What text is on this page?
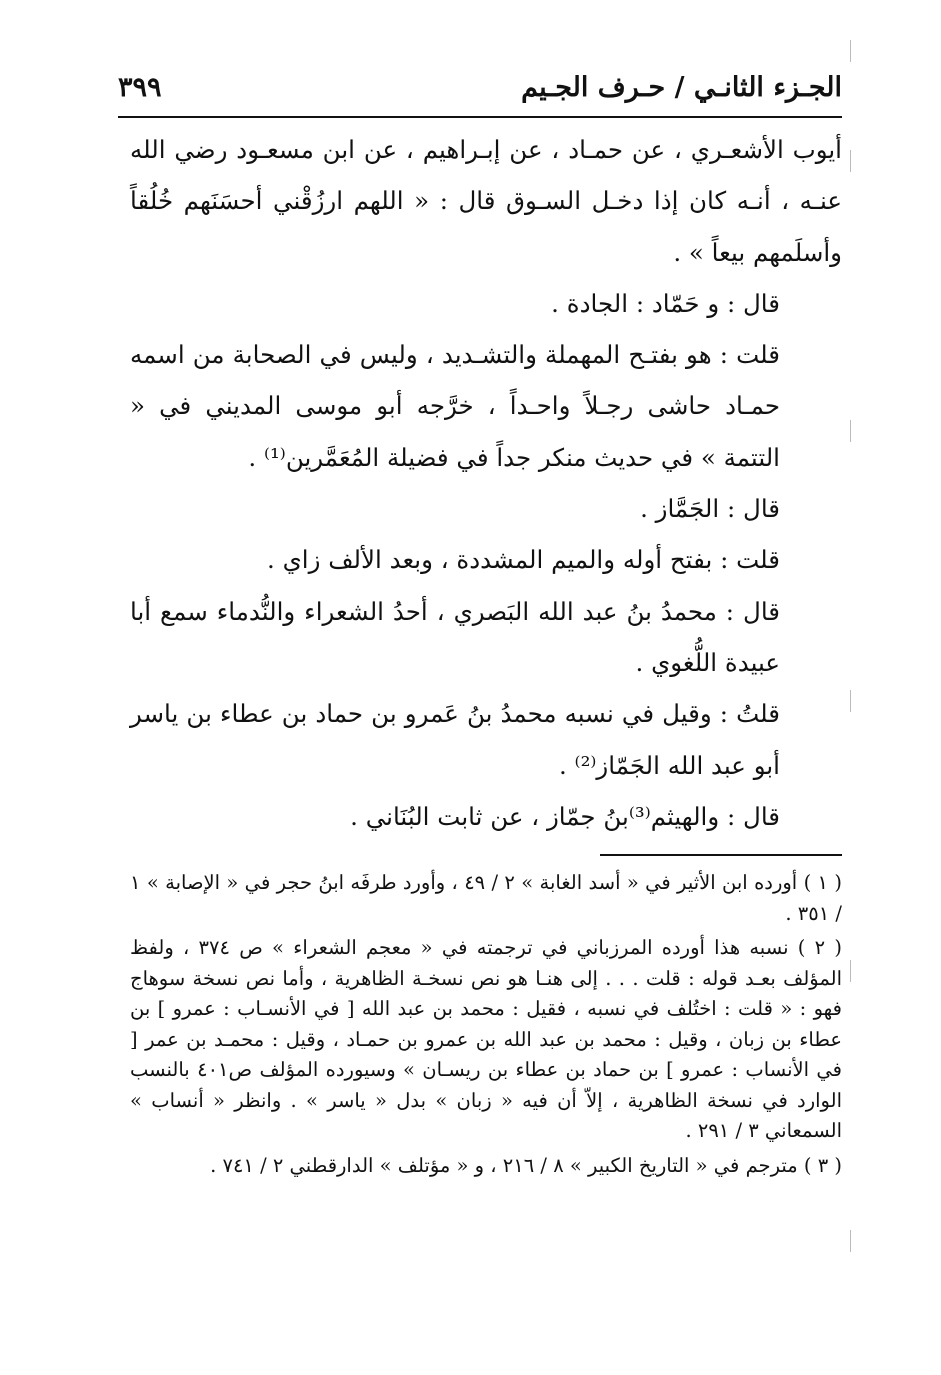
الجـزء الثانـي / حـرف الجـيم
٣٩٩

أيوب الأشعـري ، عن حمـاد ، عن إبـراهيم ، عن ابن مسعـود رضي الله عنـه ، أنـه كان إذا دخـل السـوق قال : « اللهم ارزُقْني أحسَنَهم خُلُقاً وأسلَمهم بيعاً » .

قال : و حَمّاد : الجادة .

قلت : هو بفتـح المهملة والتشـديد ، وليس في الصحابة من اسمه حمـاد حاشى رجـلاً واحـداً ، خرَّجه أبو موسى المديني في « التتمة » في حديث منكر جداً في فضيلة المُعَمَّرين⁽¹⁾ .

قال : الجَمَّاز .

قلت : بفتح أوله والميم المشددة ، وبعد الألف زاي .

قال : محمدُ بنُ عبد الله البَصري ، أحدُ الشعراء والنُّدماء سمع أبا عبيدة اللُّغوي .

قلتُ : وقيل في نسبه محمدُ بنُ عَمرو بن حماد بن عطاء بن ياسر أبو عبد الله الجَمّاز⁽²⁾ .

قال : والهيثم⁽³⁾بنُ جمّاز ، عن ثابت البُنَاني .

( ١ ) أورده ابن الأثير في « أسد الغابة » ٢ / ٤٩ ، وأورد طرفَه ابنُ حجر في « الإصابة » ١ / ٣٥١ .

( ٢ ) نسبه هذا أورده المرزباني في ترجمته في « معجم الشعراء » ص ٣٧٤ ، ولفظ المؤلف بعـد قوله : قلت . . . إلى هنـا هو نص نسخـة الظاهرية ، وأما نص نسخة سوهاج فهو : « قلت : اختُلف في نسبه ، فقيل : محمد بن عبد الله [ في الأنسـاب : عمرو ] بن عطاء بن زبان ، وقيل : محمد بن عبد الله بن عمرو بن حمـاد ، وقيل : محمـد بن عمر [ في الأنساب : عمرو ] بن حماد بن عطاء بن ريسـان » وسيورده المؤلف ص٤٠١ بالنسب الوارد في نسخة الظاهرية ، إلاّ أن فيه « زبان » بدل « ياسر » . وانظر « أنساب » السمعاني ٣ / ٢٩١ .

( ٣ ) مترجم في « التاريخ الكبير » ٨ / ٢١٦ ، و « مؤتلف » الدارقطني ٢ / ٧٤١ .
